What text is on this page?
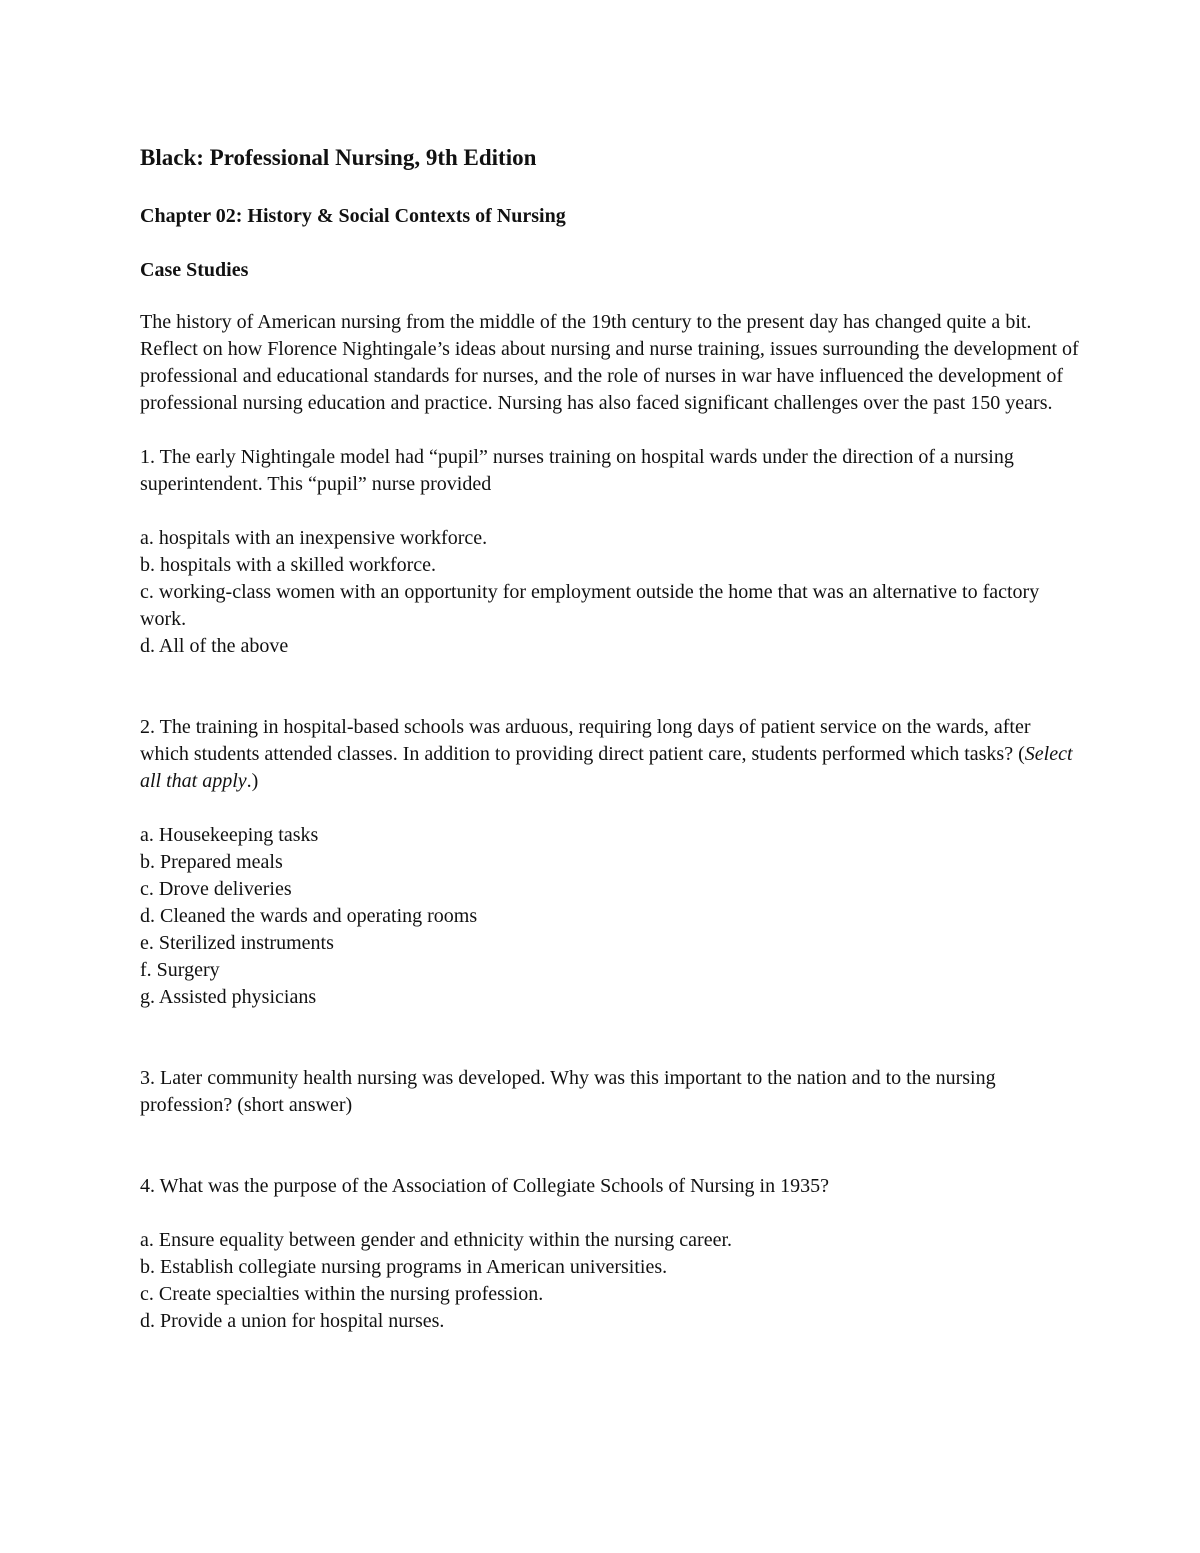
Black: Professional Nursing, 9th Edition
Chapter 02: History & Social Contexts of Nursing
Case Studies

The history of American nursing from the middle of the 19th century to the present day has changed quite a bit. Reflect on how Florence Nightingale’s ideas about nursing and nurse training, issues surrounding the development of professional and educational standards for nurses, and the role of nurses in war have influenced the development of professional nursing education and practice. Nursing has also faced significant challenges over the past 150 years.

1. The early Nightingale model had “pupil” nurses training on hospital wards under the direction of a nursing superintendent. This “pupil” nurse provided

a. hospitals with an inexpensive workforce.

b. hospitals with a skilled workforce.

c. working-class women with an opportunity for employment outside the home that was an alternative to factory work.

d. All of the above

2. The training in hospital-based schools was arduous, requiring long days of patient service on the wards, after which students attended classes. In addition to providing direct patient care, students performed which tasks? (Select all that apply.)

a. Housekeeping tasks

b. Prepared meals

c. Drove deliveries

d. Cleaned the wards and operating rooms

e. Sterilized instruments

f. Surgery

g. Assisted physicians

3. Later community health nursing was developed. Why was this important to the nation and to the nursing profession? (short answer)

4. What was the purpose of the Association of Collegiate Schools of Nursing in 1935?

a. Ensure equality between gender and ethnicity within the nursing career.

b. Establish collegiate nursing programs in American universities.

c. Create specialties within the nursing profession.

d. Provide a union for hospital nurses.
